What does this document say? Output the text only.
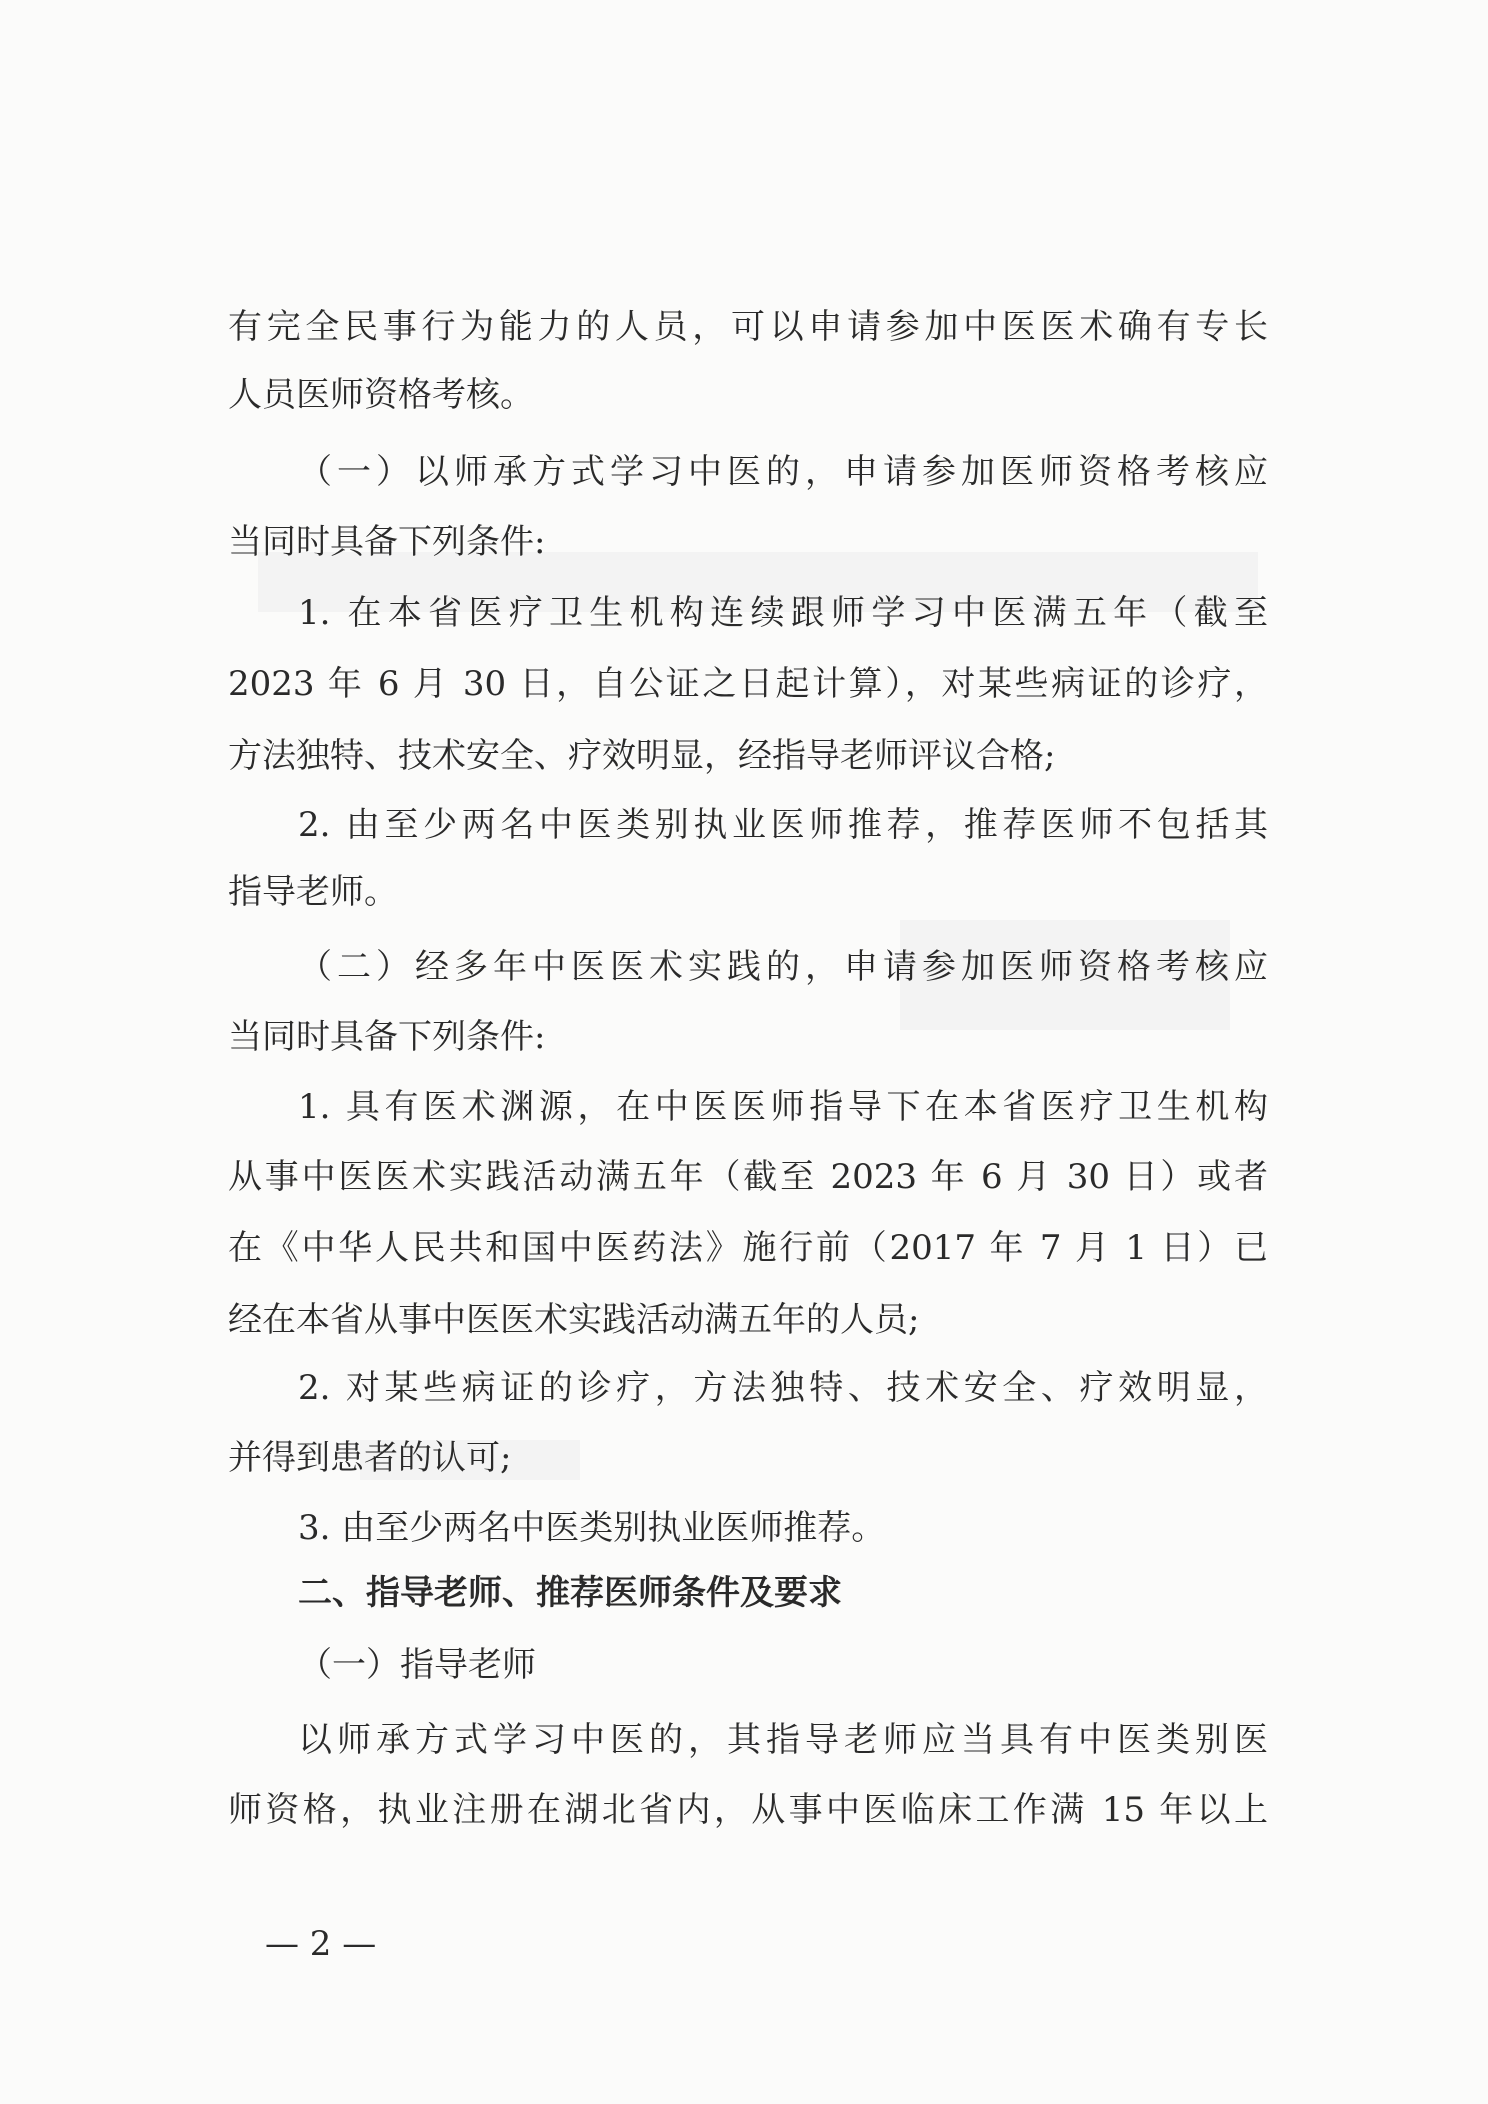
有完全民事行为能力的人员，可以申请参加中医医术确有专长
人员医师资格考核。
（一）以师承方式学习中医的，申请参加医师资格考核应
当同时具备下列条件:
1. 在本省医疗卫生机构连续跟师学习中医满五年（截至
2023 年 6 月 30 日，自公证之日起计算），对某些病证的诊疗，
方法独特、技术安全、疗效明显，经指导老师评议合格;
2. 由至少两名中医类别执业医师推荐，推荐医师不包括其
指导老师。
（二）经多年中医医术实践的，申请参加医师资格考核应
当同时具备下列条件:
1. 具有医术渊源，在中医医师指导下在本省医疗卫生机构
从事中医医术实践活动满五年（截至 2023 年 6 月 30 日）或者
在《中华人民共和国中医药法》施行前（2017 年 7 月 1 日）已
经在本省从事中医医术实践活动满五年的人员;
2. 对某些病证的诊疗，方法独特、技术安全、疗效明显，
并得到患者的认可;
3. 由至少两名中医类别执业医师推荐。
二、指导老师、推荐医师条件及要求
（一）指导老师
以师承方式学习中医的，其指导老师应当具有中医类别医
师资格，执业注册在湖北省内，从事中医临床工作满 15 年以上
— 2 —
